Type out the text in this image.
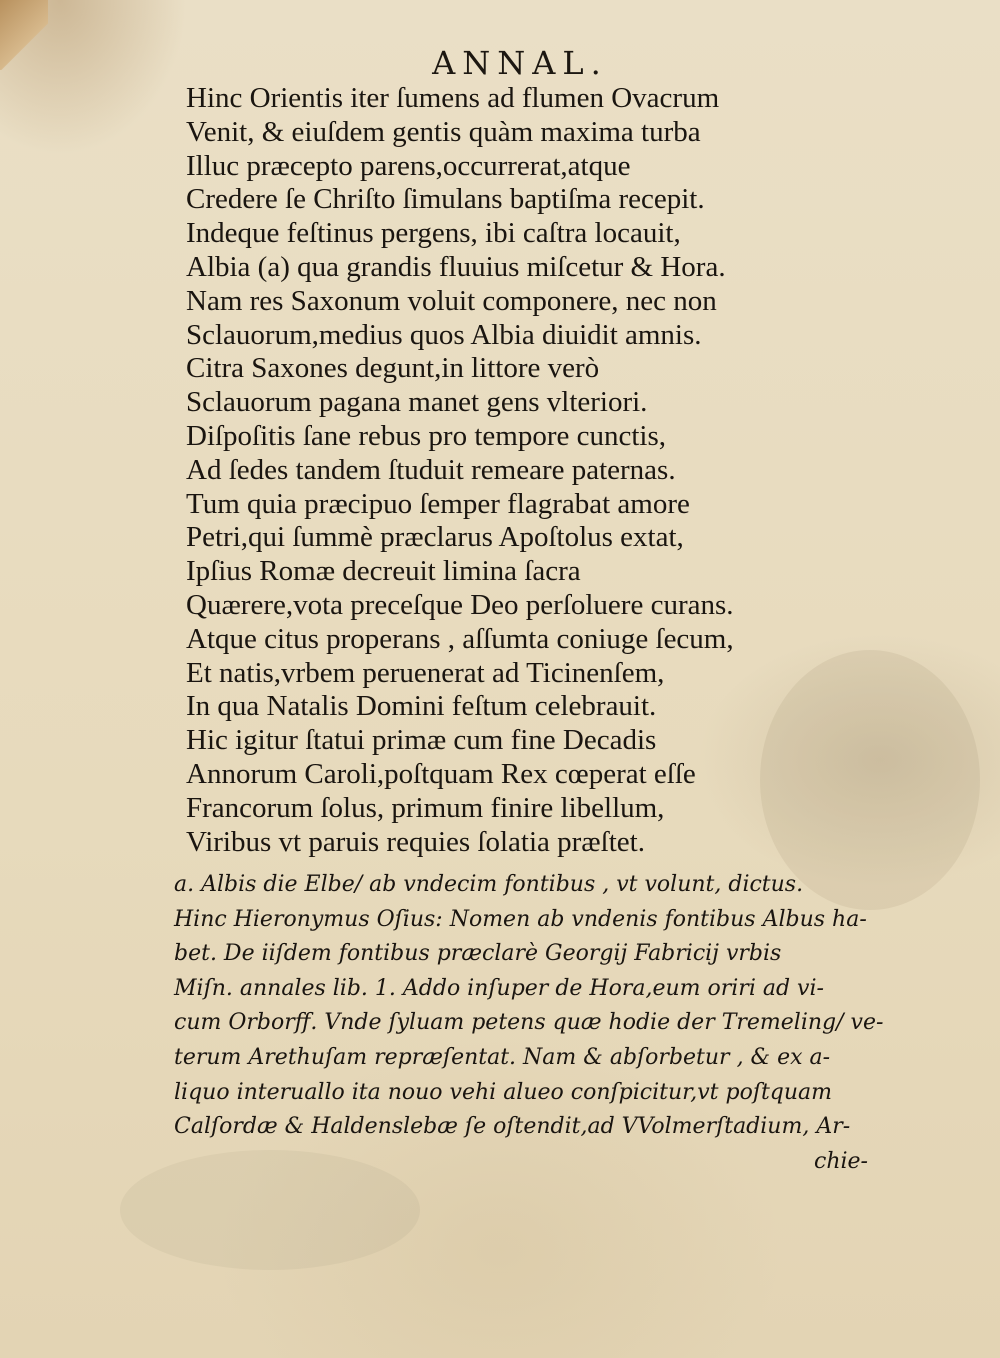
ANNAL.
Hinc Orientis iter ſumens ad flumen Ovacrum
Venit, & eiuſdem gentis quàm maxima turba
Illuc præcepto parens,occurrerat,atque
Credere ſe Chriſto ſimulans baptiſma recepit.
Indeque feſtinus pergens, ibi caſtra locauit,
Albia (a) qua grandis fluuius miſcetur & Hora.
Nam res Saxonum voluit componere, nec non
Sclauorum,medius quos Albia diuidit amnis.
Citra Saxones degunt,in littore verò
Sclauorum pagana manet gens vlteriori.
Diſpoſitis ſane rebus pro tempore cunctis,
Ad ſedes tandem ſtuduit remeare paternas.
Tum quia præcipuo ſemper flagrabat amore
Petri,qui ſummè præclarus Apoſtolus extat,
Ipſius Romæ decreuit limina ſacra
Quærere,vota preceſque Deo perſoluere curans.
Atque citus properans , aſſumta coniuge ſecum,
Et natis,vrbem peruenerat ad Ticinenſem,
In qua Natalis Domini feſtum celebrauit.
Hic igitur ſtatui primæ cum fine Decadis
Annorum Caroli,poſtquam Rex cœperat eſſe
Francorum ſolus, primum finire libellum,
Viribus vt paruis requies ſolatia præſtet.
a. Albis die Elbe/ ab vndecim fontibus , vt volunt, dictus.
Hinc Hieronymus Oſius: Nomen ab vndenis fontibus Albus ha-
bet. De iiſdem fontibus præclarè Georgij Fabricij vrbis
Miſn. annales lib. 1. Addo inſuper de Hora,eum oriri ad vi-
cum Orborff. Vnde ſyluam petens quæ hodie der Tremeling/ ve-
terum Arethuſam repræſentat. Nam & abſorbetur , & ex a-
liquo interuallo ita nouo vehi alueo conſpicitur,vt poſtquam
Calſordæ & Haldenslebæ ſe oſtendit,ad VVolmerſtadium, Ar-
chie-
